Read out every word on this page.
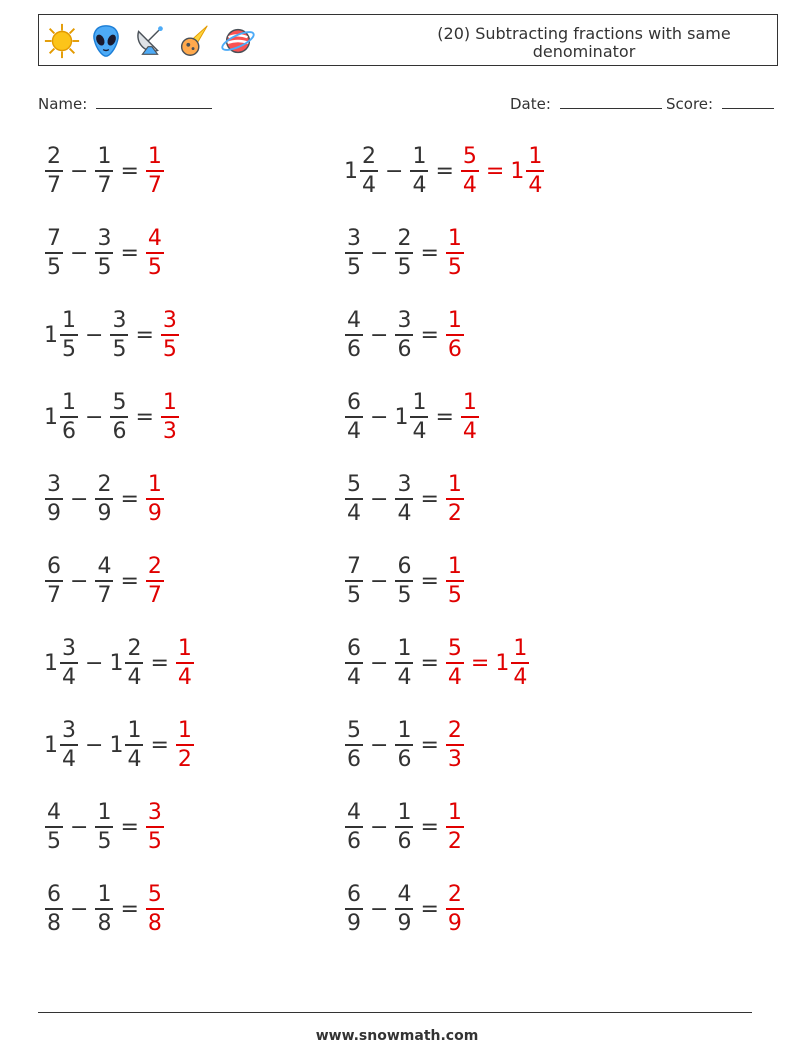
(20) Subtracting fractions with same denominator
Name:	Date:	Score:
$\frac{2}{7} - \frac{1}{7} = \frac{1}{7}$	$1 \frac{2}{4} - \frac{1}{4} = \frac{5}{4} = 1 \frac{1}{4}$
$\frac{7}{5} - \frac{3}{5} = \frac{4}{5}$	$\frac{3}{5} - \frac{2}{5} = \frac{1}{5}$
$1 \frac{1}{5} - \frac{3}{5} = \frac{3}{5}$	$\frac{4}{6} - \frac{3}{6} = \frac{1}{6}$
$1 \frac{1}{6} - \frac{5}{6} = \frac{1}{3}$	$\frac{6}{4} - 1 \frac{1}{4} = \frac{1}{4}$
$\frac{3}{9} - \frac{2}{9} = \frac{1}{9}$	$\frac{5}{4} - \frac{3}{4} = \frac{1}{2}$
$\frac{6}{7} - \frac{4}{7} = \frac{2}{7}$	$\frac{7}{5} - \frac{6}{5} = \frac{1}{5}$
$1 \frac{3}{4} - 1 \frac{2}{4} = \frac{1}{4}$	$\frac{6}{4} - \frac{1}{4} = \frac{5}{4} = 1 \frac{1}{4}$
$1 \frac{3}{4} - 1 \frac{1}{4} = \frac{1}{2}$	$\frac{5}{6} - \frac{1}{6} = \frac{2}{3}$
$\frac{4}{5} - \frac{1}{5} = \frac{3}{5}$	$\frac{4}{6} - \frac{1}{6} = \frac{1}{2}$
$\frac{6}{8} - \frac{1}{8} = \frac{5}{8}$	$\frac{6}{9} - \frac{4}{9} = \frac{2}{9}$
www.snowmath.com
